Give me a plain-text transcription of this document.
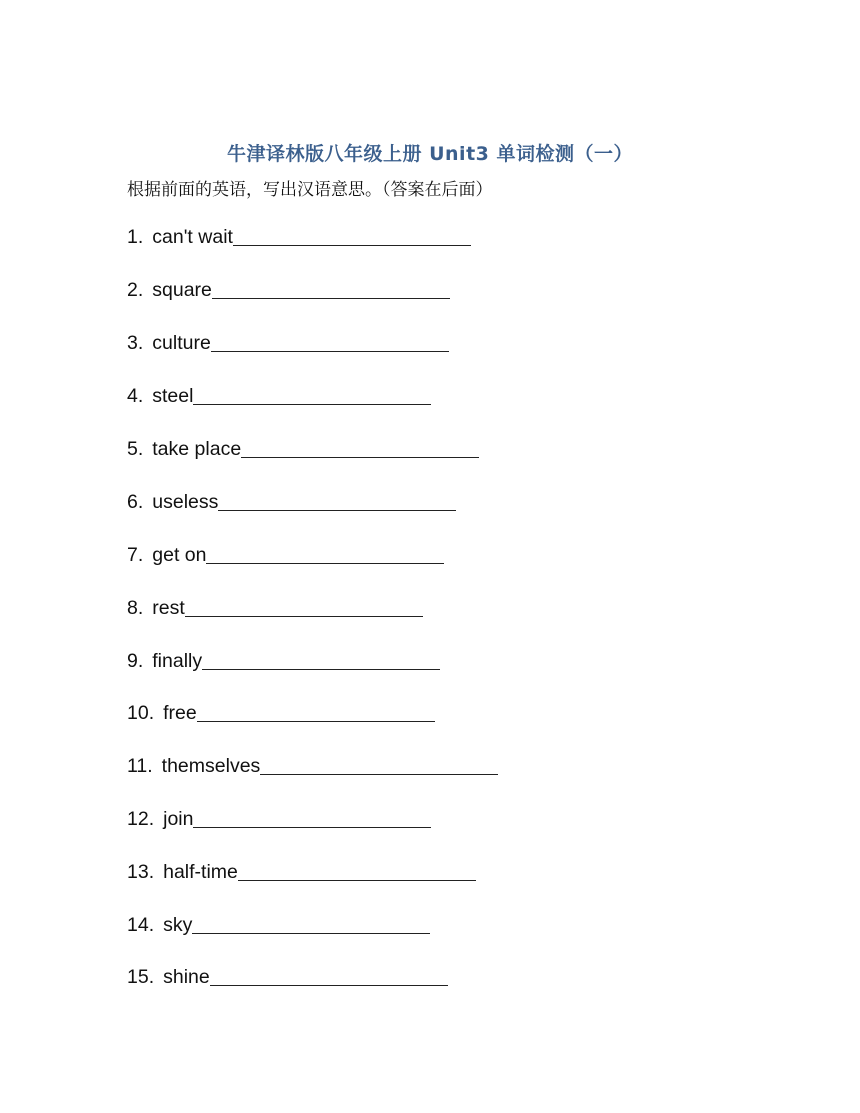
牛津译林版八年级上册 Unit3 单词检测（一）
根据前面的英语，写出汉语意思。（答案在后面）
1. can't wait
2. square
3. culture
4. steel
5. take place
6. useless
7. get on
8. rest
9. finally
10. free
11. themselves
12. join
13. half-time
14. sky
15. shine
